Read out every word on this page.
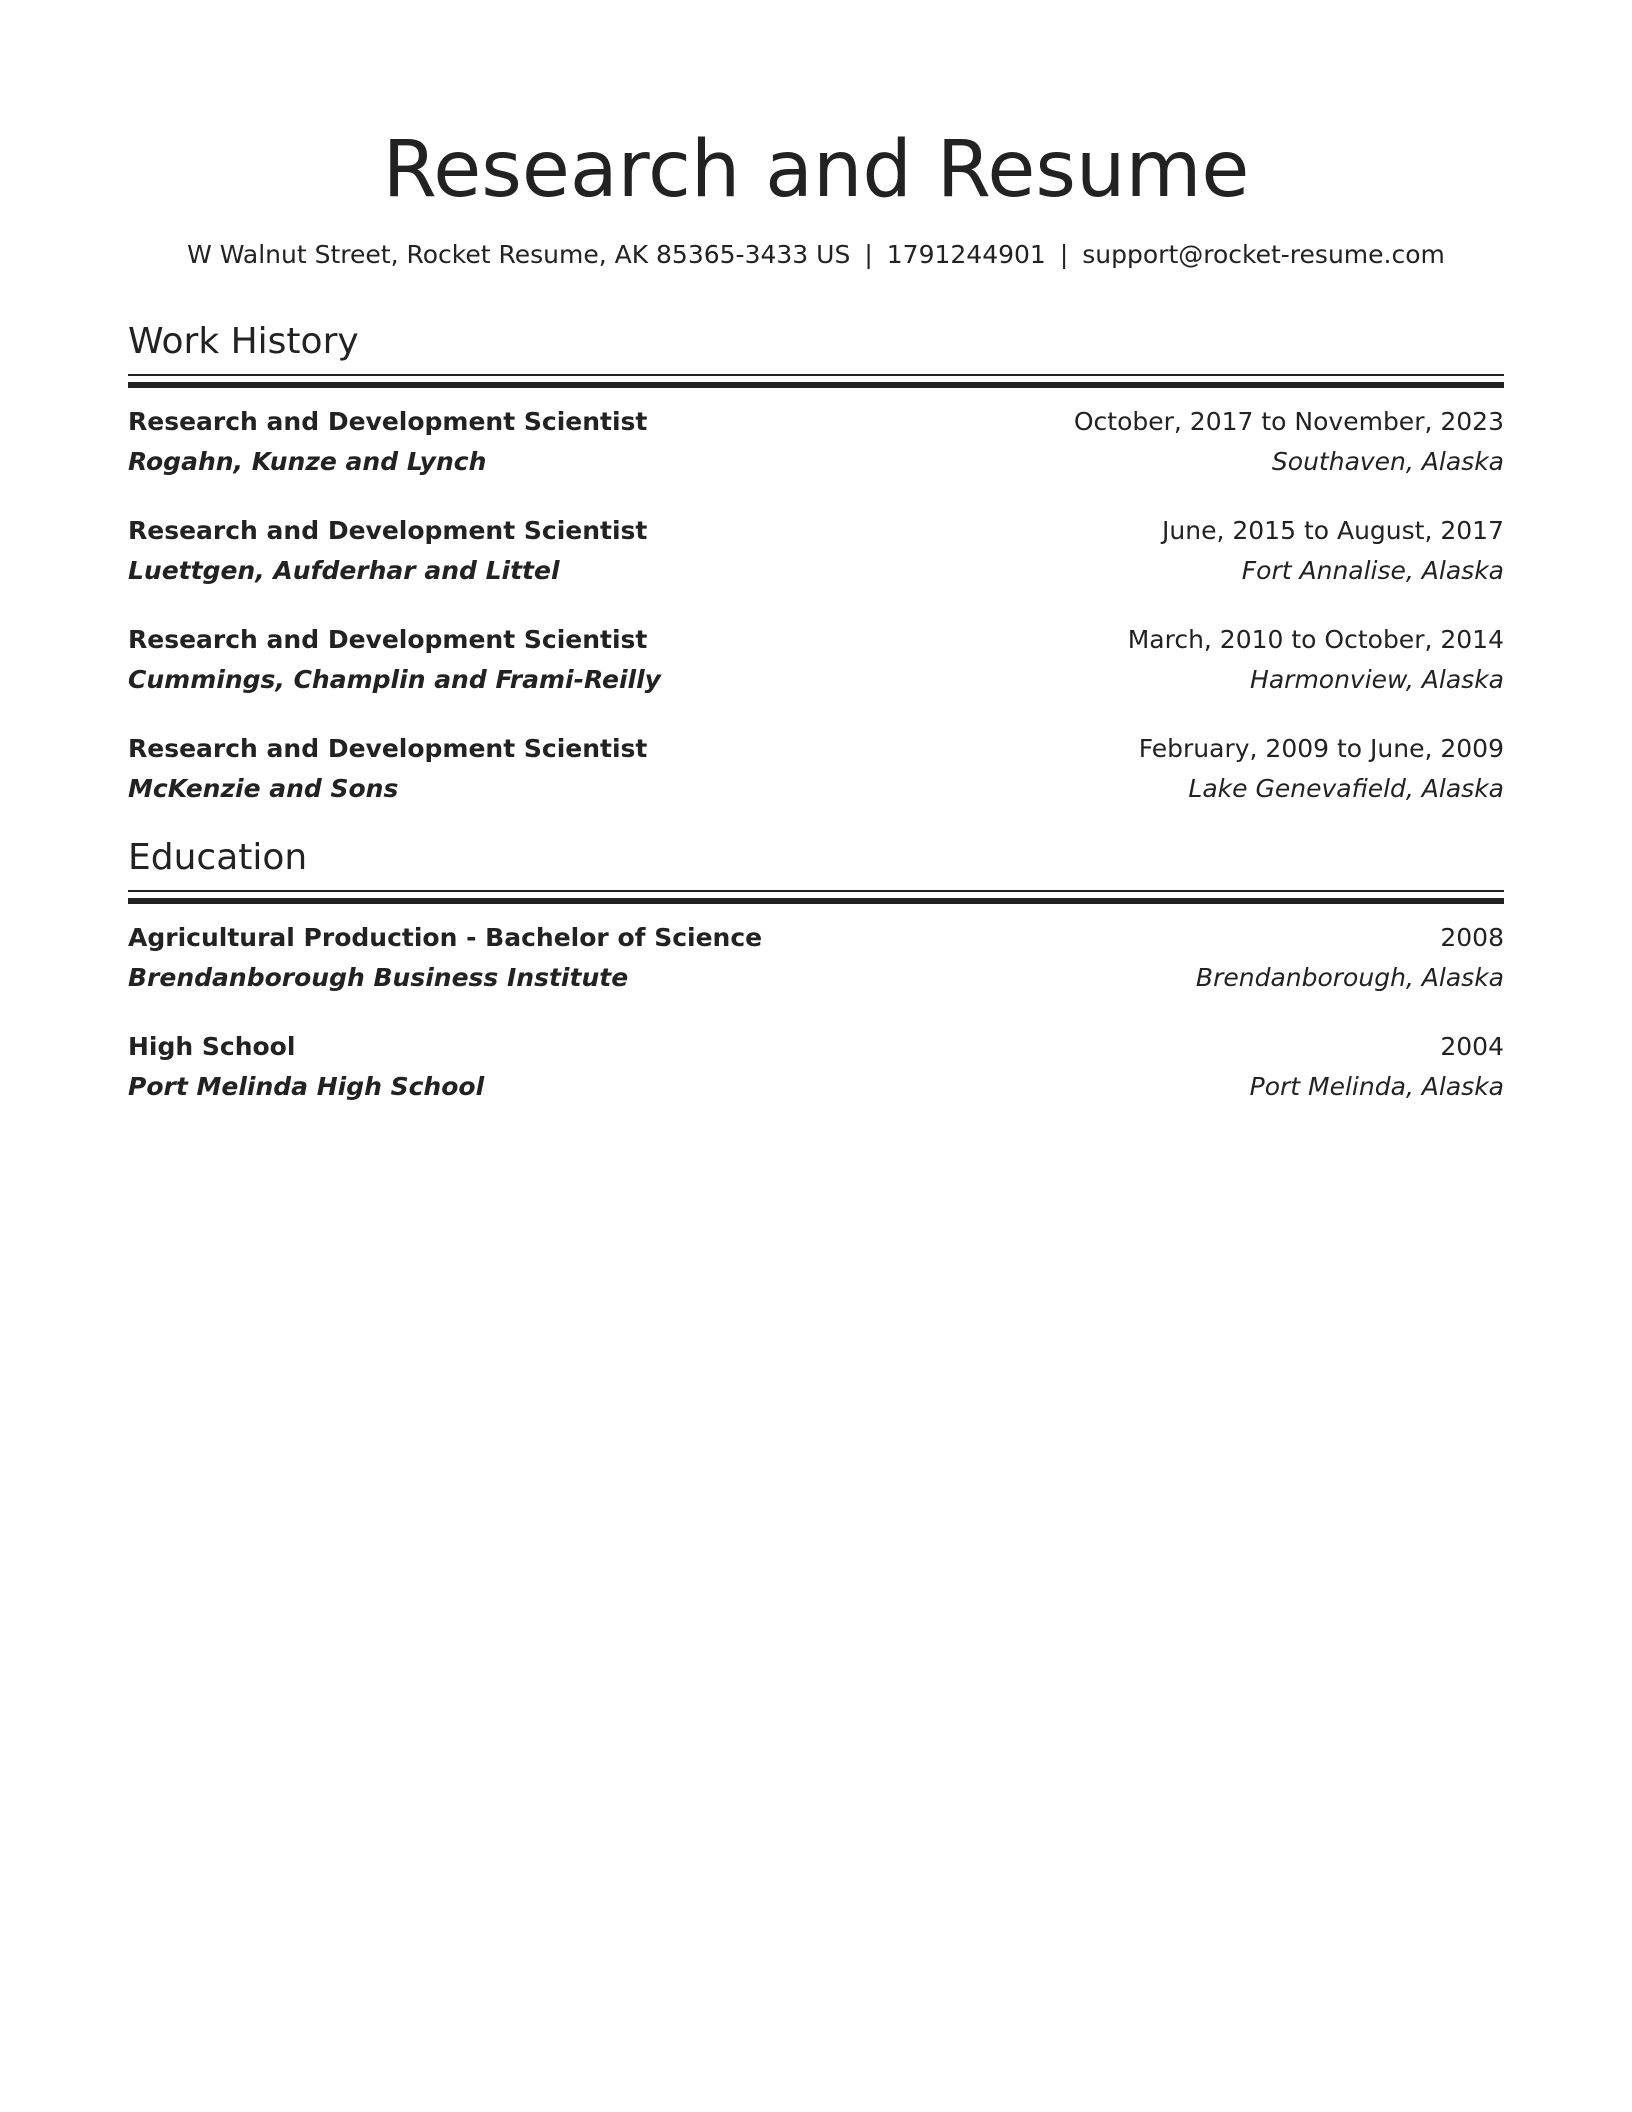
Research and Resume
W Walnut Street, Rocket Resume, AK 85365-3433 US | 1791244901 | support@rocket-resume.com
Work History
Research and Development Scientist	October, 2017 to November, 2023
Rogahn, Kunze and Lynch	Southaven, Alaska
Research and Development Scientist	June, 2015 to August, 2017
Luettgen, Aufderhar and Littel	Fort Annalise, Alaska
Research and Development Scientist	March, 2010 to October, 2014
Cummings, Champlin and Frami-Reilly	Harmonview, Alaska
Research and Development Scientist	February, 2009 to June, 2009
McKenzie and Sons	Lake Genevafield, Alaska
Education
Agricultural Production - Bachelor of Science	2008
Brendanborough Business Institute	Brendanborough, Alaska
High School	2004
Port Melinda High School	Port Melinda, Alaska
